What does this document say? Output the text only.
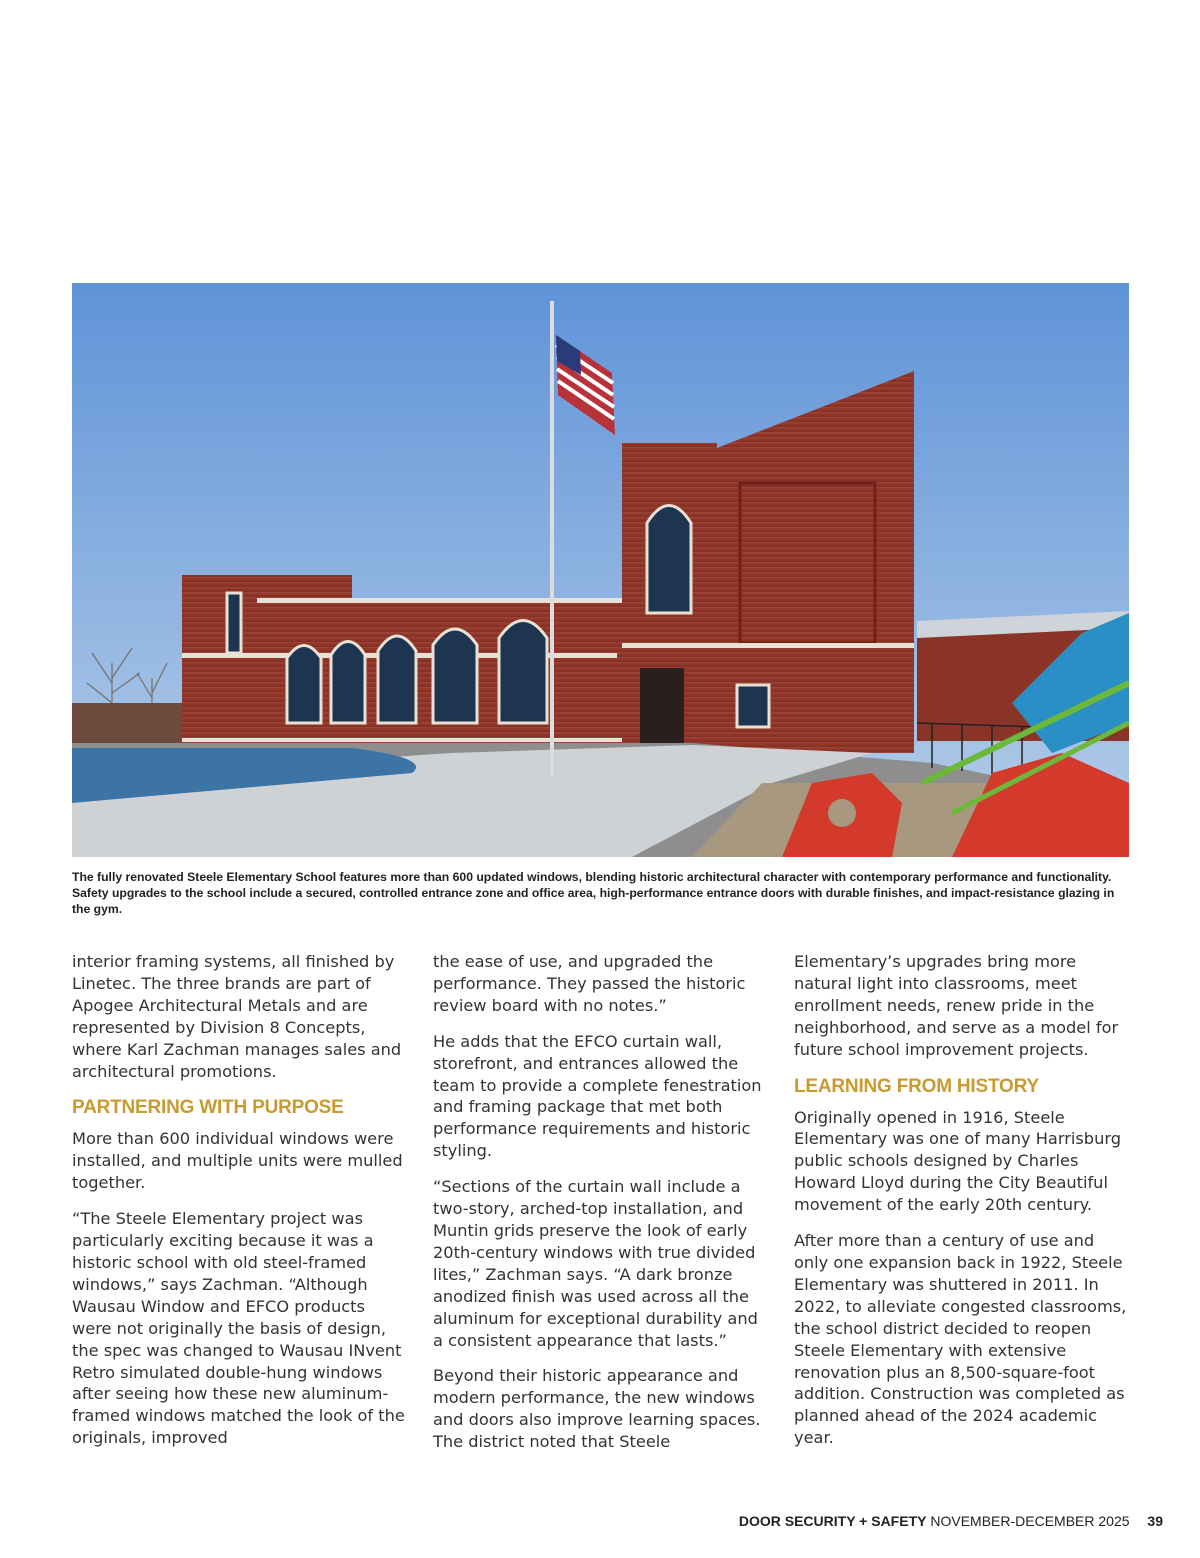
The fully renovated Steele Elementary School features more than 600 updated windows, blending historic architectural character with contemporary performance and functionality. Safety upgrades to the school include a secured, controlled entrance zone and office area, high-performance entrance doors with durable finishes, and impact-resistance glazing in the gym.

interior framing systems, all finished by Linetec. The three brands are part of Apogee Architectural Metals and are represented by Division 8 Concepts, where Karl Zachman manages sales and architectural promotions.

PARTNERING WITH PURPOSE

More than 600 individual windows were installed, and multiple units were mulled together.

“The Steele Elementary project was particularly exciting because it was a historic school with old steel-framed windows,” says Zachman. “Although Wausau Window and EFCO products were not originally the basis of design, the spec was changed to Wausau INvent Retro simulated double-hung windows after seeing how these new aluminum-framed windows matched the look of the originals, improved

the ease of use, and upgraded the performance. They passed the historic review board with no notes.”

He adds that the EFCO curtain wall, storefront, and entrances allowed the team to provide a complete fenestration and framing package that met both performance requirements and historic styling.

“Sections of the curtain wall include a two-story, arched-top installation, and Muntin grids preserve the look of early 20th-century windows with true divided lites,” Zachman says. “A dark bronze anodized finish was used across all the aluminum for exceptional durability and a consistent appearance that lasts.”

Beyond their historic appearance and modern performance, the new windows and doors also improve learning spaces. The district noted that Steele

Elementary’s upgrades bring more natural light into classrooms, meet enrollment needs, renew pride in the neighborhood, and serve as a model for future school improvement projects.

LEARNING FROM HISTORY

Originally opened in 1916, Steele Elementary was one of many Harrisburg public schools designed by Charles Howard Lloyd during the City Beautiful movement of the early 20th century.

After more than a century of use and only one expansion back in 1922, Steele Elementary was shuttered in 2011. In 2022, to alleviate congested classrooms, the school district decided to reopen Steele Elementary with extensive renovation plus an 8,500-square-foot addition. Construction was completed as planned ahead of the 2024 academic year.

DOOR SECURITY + SAFETY NOVEMBER-DECEMBER 2025 39
